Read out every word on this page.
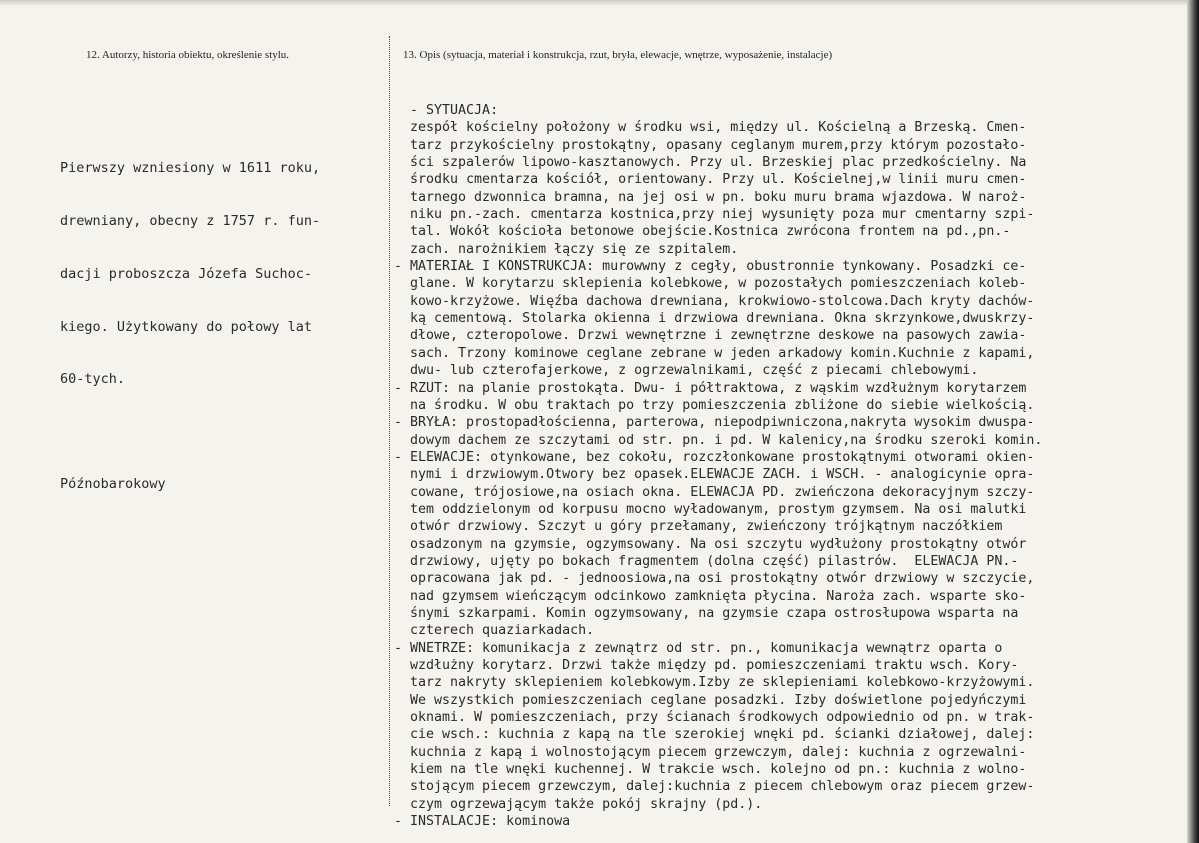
12. Autorzy, historia obiektu, określenie stylu.	13. Opis (sytuacja, materiał i konstrukcja, rzut, bryła, elewacje, wnętrze, wyposażenie, instalacje)

Pierwszy wzniesiony w 1611 roku,

drewniany, obecny z 1757 r. fun-

dacji proboszcza Józefa Suchoc-

kiego. Użytkowany do połowy lat

60-tych.

Późnobarokowy

- SYTUACJA:
zespół kościelny położony w środku wsi, między ul. Kościelną a Brzeską. Cmen-
tarz przykościelny prostokątny, opasany ceglanym murem,przy którym pozostało-
ści szpalerów lipowo-kasztanowych. Przy ul. Brzeskiej plac przedkościelny. Na
środku cmentarza kościół, orientowany. Przy ul. Kościelnej,w linii muru cmen-
tarnego dzwonnica bramna, na jej osi w pn. boku muru brama wjazdowa. W naroż-
niku pn.-zach. cmentarza kostnica,przy niej wysunięty poza mur cmentarny szpi-
tal. Wokół kościoła betonowe obejście.Kostnica zwrócona frontem na pd.,pn.-
zach. narożnikiem łączy się ze szpitalem.
- MATERIAŁ I KONSTRUKCJA: murowwny z cegły, obustronnie tynkowany. Posadzki ce-
glane. W korytarzu sklepienia kolebkowe, w pozostałych pomieszczeniach koleb-
kowo-krzyżowe. Więźba dachowa drewniana, krokwiowo-stolcowa.Dach kryty dachów-
ką cementową. Stolarka okienna i drzwiowa drewniana. Okna skrzynkowe,dwuskrzy-
dłowe, czteropolowe. Drzwi wewnętrzne i zewnętrzne deskowe na pasowych zawia-
sach. Trzony kominowe ceglane zebrane w jeden arkadowy komin.Kuchnie z kapami,
dwu- lub czterofajerkowe, z ogrzewalnikami, część z piecami chlebowymi.
- RZUT: na planie prostokąta. Dwu- i półtraktowa, z wąskim wzdłużnym korytarzem
na środku. W obu traktach po trzy pomieszczenia zbliżone do siebie wielkością.
- BRYŁA: prostopadłościenna, parterowa, niepodpiwniczona,nakryta wysokim dwuspa-
dowym dachem ze szczytami od str. pn. i pd. W kalenicy,na środku szeroki komin.
- ELEWACJE: otynkowane, bez cokołu, rozczłonkowane prostokątnymi otworami okien-
nymi i drzwiowym.Otwory bez opasek.ELEWACJE ZACH. i WSCH. - analogicynie opra-
cowane, trójosiowe,na osiach okna. ELEWACJA PD. zwieńczona dekoracyjnym szczy-
tem oddzielonym od korpusu mocno wyładowanym, prostym gzymsem. Na osi malutki
otwór drzwiowy. Szczyt u góry przełamany, zwieńczony trójkątnym naczółkiem
osadzonym na gzymsie, ogzymsowany. Na osi szczytu wydłużony prostokątny otwór
drzwiowy, ujęty po bokach fragmentem (dolna część) pilastrów.  ELEWACJA PN.-
opracowana jak pd. - jednoosiowa,na osi prostokątny otwór drzwiowy w szczycie,
nad gzymsem wieńczącym odcinkowo zamknięta płycina. Naroża zach. wsparte sko-
śnymi szkarpami. Komin ogzymsowany, na gzymsie czapa ostrosłupowa wsparta na
czterech quaziarkadach.
- WNETRZE: komunikacja z zewnątrz od str. pn., komunikacja wewnątrz oparta o
wzdłużny korytarz. Drzwi także między pd. pomieszczeniami traktu wsch. Kory-
tarz nakryty sklepieniem kolebkowym.Izby ze sklepieniami kolebkowo-krzyżowymi.
We wszystkich pomieszczeniach ceglane posadzki. Izby doświetlone pojedyńczymi
oknami. W pomieszczeniach, przy ścianach środkowych odpowiednio od pn. w trak-
cie wsch.: kuchnia z kapą na tle szerokiej wnęki pd. ścianki działowej, dalej:
kuchnia z kapą i wolnostojącym piecem grzewczym, dalej: kuchnia z ogrzewalni-
kiem na tle wnęki kuchennej. W trakcie wsch. kolejno od pn.: kuchnia z wolno-
stojącym piecem grzewczym, dalej:kuchnia z piecem chlebowym oraz piecem grzew-
czym ogrzewającym także pokój skrajny (pd.).
- INSTALACJE: kominowa
